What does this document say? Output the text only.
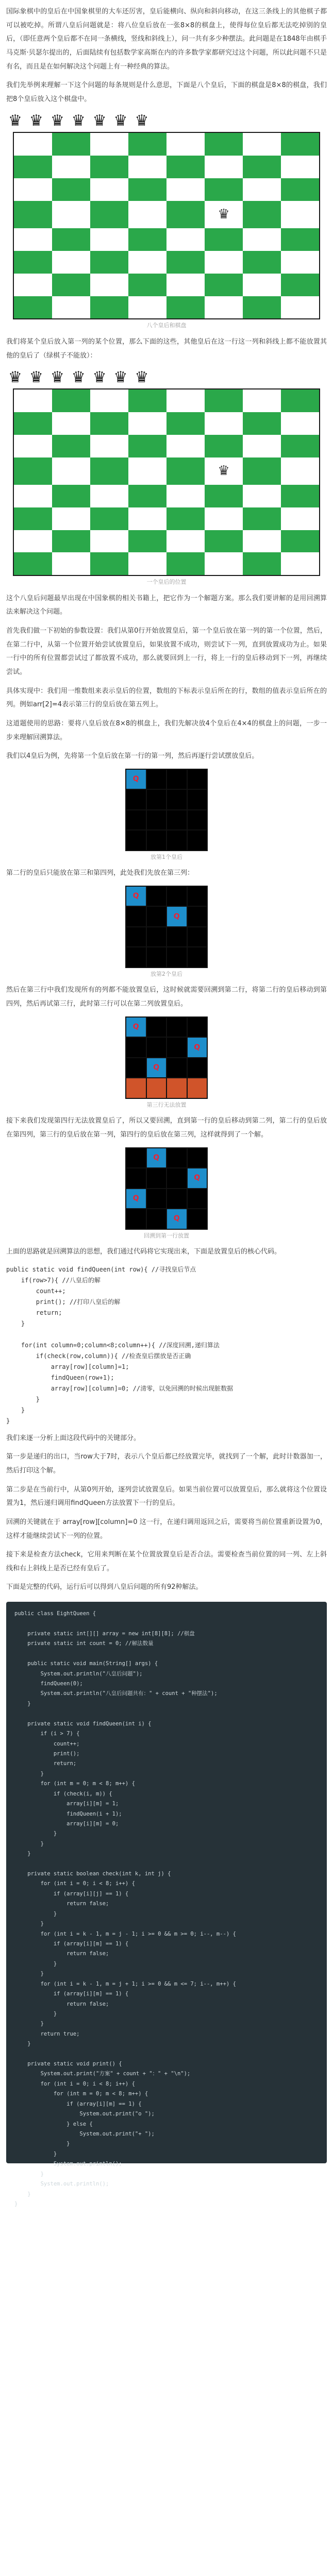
国际象棋中的皇后在中国象棋里的大车还厉害，皇后能横向、纵向和斜向移动，在这三条线上的其他棋子都可以被吃掉。所谓八皇后问题就是：将八位皇后放在一张8×8的棋盘上，使得每位皇后都无法吃掉别的皇后，（即任意两个皇后都不在同一条横线，竖线和斜线上），问一共有多少种摆法。此问题是在1848年由棋手马克斯·贝瑟尔提出的，后面陆续有包括数学家高斯在内的许多数学家都研究过这个问题，所以此问题不只是有名，而且是在如何解决这个问题上有一种经典的算法。

我们先举例来理解一下这个问题的每条规则是什么意思，下面是八个皇后，下面的棋盘是8×8的棋盘，我们把8个皇后放入这个棋盘中。

♛ ♛ ♛ ♛ ♛ ♛ ♛
♛
八个皇后和棋盘

我们将某个皇后放入第一列的某个位置，那么下面的这些，其他皇后在这一行这一列和斜线上都不能放置其他的皇后了（绿棋子不能放）：

♛ ♛ ♛ ♛ ♛ ♛ ♛
♛
一个皇后的位置

这个八皇后问题最早出现在中国象棋的相关书籍上，把它作为一个解题方案。那么我们要讲解的是用回溯算法来解决这个问题。

首先我们做一下初始的参数设置：我们从第0行开始放置皇后，第一个皇后放在第一列的第一个位置，然后，在第二行中，从第一个位置开始尝试放置皇后，如果放置不成功，则尝试下一列，直到放置成功为止。如果一行中的所有位置都尝试过了都放置不成功，那么就要回到上一行，将上一行的皇后移动到下一列，再继续尝试。

具体实现中：我们用一维数组来表示皇后的位置，数组的下标表示皇后所在的行，数组的值表示皇后所在的列。例如arr[2]=4表示第三行的皇后放在第五列上。

这道题使用的思路：要将八皇后放在8×8的棋盘上，我们先解决放4个皇后在4×4的棋盘上的问题，一步一步来理解回溯算法。

我们以4皇后为例，先将第一个皇后放在第一行的第一列，然后再逐行尝试摆放皇后。

Q
放第1个皇后

第二行的皇后只能放在第三和第四列，此处我们先放在第三列：

Q
Q
放第2个皇后

然后在第三行中我们发现所有的列都不能放置皇后，这时候就需要回溯到第二行，将第二行的皇后移动到第四列，然后再试第三行，此时第三行可以在第二列放置皇后。

Q
Q
Q
第三行无法放置

接下来我们发现第四行无法放置皇后了，所以又要回溯，直到第一行的皇后移动到第二列，第二行的皇后放在第四列，第三行的皇后放在第一列，第四行的皇后放在第三列，这样就得到了一个解。

Q
Q
Q
Q
回溯到第一行放置

上面的思路就是回溯算法的思想，我们通过代码将它实现出来，下面是放置皇后的核心代码。

public static void findQueen(int row){ //寻找皇后节点
if(row>7){ //八皇后的解
count++;
print(); //打印八皇后的解
return;
}

for(int column=0;column<8;column++){ //深度回溯,递归算法
if(check(row,column)){ //检查皇后摆放是否正确
array[row][column]=1;
findQueen(row+1);
array[row][column]=0; //清零，以免回溯的时候出现脏数据
}
}
}

我们来逐一分析上面这段代码中的关键部分。

第一步是递归的出口，当row大于7时，表示八个皇后都已经放置完毕，就找到了一个解，此时计数器加一，然后打印这个解。

第二步是在当前行中，从第0列开始，逐列尝试放置皇后。如果当前位置可以放置皇后，那么就将这个位置设置为1，然后递归调用findQueen方法放置下一行的皇后。

回溯的关键就在于 array[row][column]=0 这一行，在递归调用返回之后，需要将当前位置重新设置为0，这样才能继续尝试下一列的位置。

接下来是检查方法check，它用来判断在某个位置放置皇后是否合法。需要检查当前位置的同一列、左上斜线和右上斜线上是否已经有皇后了。

下面是完整的代码，运行后可以得到八皇后问题的所有92种解法。

public class EightQueen {

private static int[][] array = new int[8][8]; //棋盘
private static int count = 0; //解法数量

public static void main(String[] args) {
System.out.println("八皇后问题");
findQueen(0);
System.out.println("八皇后问题共有：" + count + "种摆法");
}

private static void findQueen(int i) {
if (i > 7) {
count++;
print();
return;
}
for (int m = 0; m < 8; m++) {
if (check(i, m)) {
array[i][m] = 1;
findQueen(i + 1);
array[i][m] = 0;
}
}
}

private static boolean check(int k, int j) {
for (int i = 0; i < 8; i++) {
if (array[i][j] == 1) {
return false;
}
}
for (int i = k - 1, m = j - 1; i >= 0 && m >= 0; i--, m--) {
if (array[i][m] == 1) {
return false;
}
}
for (int i = k - 1, m = j + 1; i >= 0 && m <= 7; i--, m++) {
if (array[i][m] == 1) {
return false;
}
}
return true;
}

private static void print() {
System.out.print("方案" + count + "：" + "\n");
for (int i = 0; i < 8; i++) {
for (int m = 0; m < 8; m++) {
if (array[i][m] == 1) {
System.out.print("o ");
} else {
System.out.print("+ ");
}
}
System.out.println();
}
System.out.println();
}
}
